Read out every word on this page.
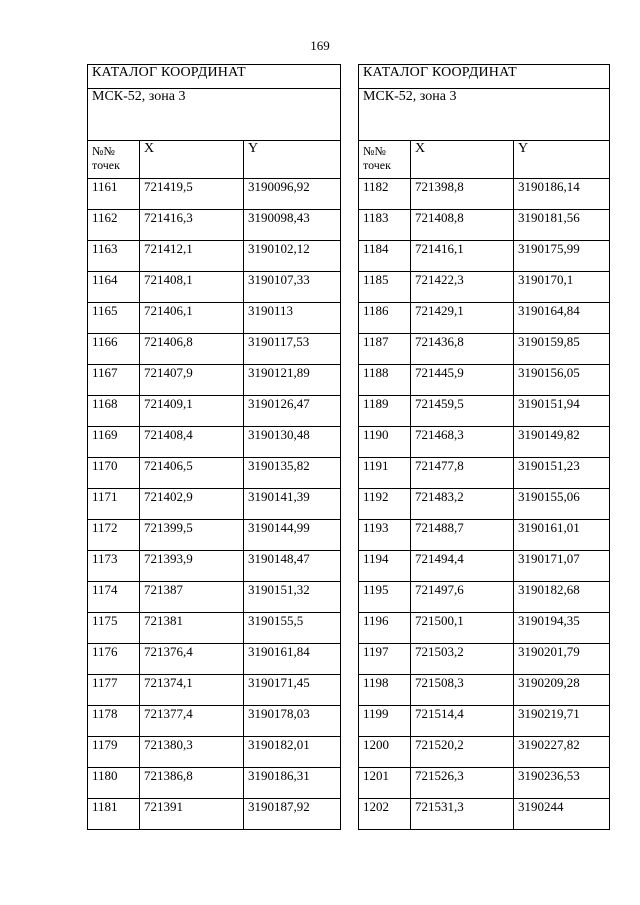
169
КАТАЛОГ КООРДИНАТ		
МСК-52, зона 3		

№№
точек	X	Y
1161	721419,5	3190096,92
1162	721416,3	3190098,43
1163	721412,1	3190102,12
1164	721408,1	3190107,33
1165	721406,1	3190113
1166	721406,8	3190117,53
1167	721407,9	3190121,89
1168	721409,1	3190126,47
1169	721408,4	3190130,48
1170	721406,5	3190135,82
1171	721402,9	3190141,39
1172	721399,5	3190144,99
1173	721393,9	3190148,47
1174	721387	3190151,32
1175	721381	3190155,5
1176	721376,4	3190161,84
1177	721374,1	3190171,45
1178	721377,4	3190178,03
1179	721380,3	3190182,01
1180	721386,8	3190186,31
1181	721391	3190187,92
КАТАЛОГ КООРДИНАТ		
МСК-52, зона 3		

№№
точек	X	Y
1182	721398,8	3190186,14
1183	721408,8	3190181,56
1184	721416,1	3190175,99
1185	721422,3	3190170,1
1186	721429,1	3190164,84
1187	721436,8	3190159,85
1188	721445,9	3190156,05
1189	721459,5	3190151,94
1190	721468,3	3190149,82
1191	721477,8	3190151,23
1192	721483,2	3190155,06
1193	721488,7	3190161,01
1194	721494,4	3190171,07
1195	721497,6	3190182,68
1196	721500,1	3190194,35
1197	721503,2	3190201,79
1198	721508,3	3190209,28
1199	721514,4	3190219,71
1200	721520,2	3190227,82
1201	721526,3	3190236,53
1202	721531,3	3190244
